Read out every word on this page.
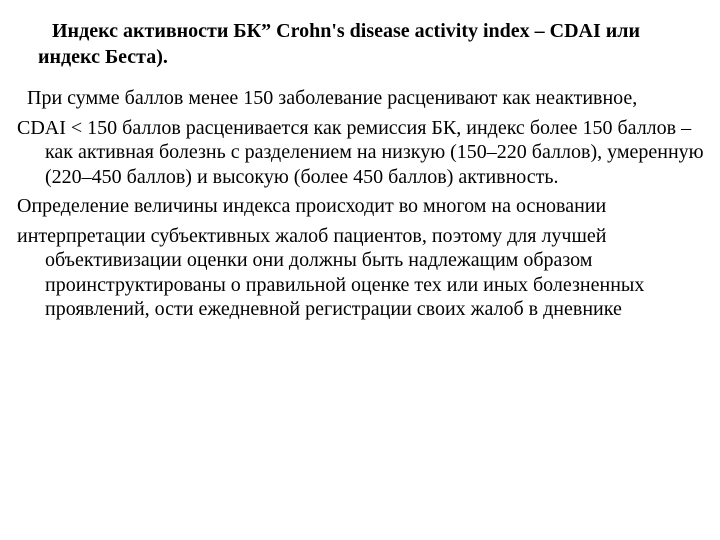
Индекс активности БК” Crohn's disease activity index – CDAI или индекс Беста).

При сумме баллов менее 150 заболевание расценивают как неактивное,

CDAI < 150 баллов расценивается как ремиссия БК, индекс более 150 баллов – как активная болезнь с разделением на низкую (150–220 баллов), умеренную (220–450 баллов) и высокую (более 450 баллов) активность.

Определение величины индекса происходит во многом на основании

интерпретации субъективных жалоб пациентов, поэтому для лучшей объективизации оценки они должны быть надлежащим образом проинструктированы о правильной оценке тех или иных болезненных проявлений, ости ежедневной регистрации своих жалоб в дневнике
